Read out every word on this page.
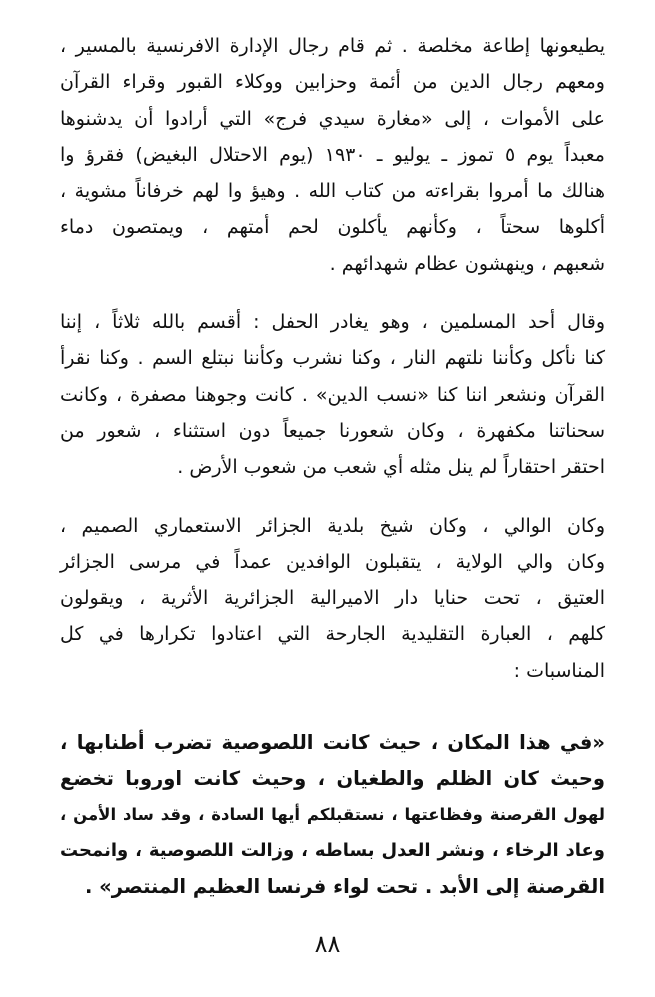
يطيعونها إطاعة مخلصة . ثم قام رجال الإدارة الافرنسية بالمسير ،
ومعهم رجال الدين من أئمة وحزابين ووكلاء القبور وقراء القرآن
على الأموات ، إلى «مغارة سيدي فرج» التي أرادوا أن يدشنوها
معبداً يوم ٥ تموز ـ يوليو ـ ١٩٣٠ (يوم الاحتلال البغيض) فقرؤ وا
هنالك ما أمروا بقراءته من كتاب الله . وهيؤ وا لهم خرفاناً مشوية ،
أكلوها سحتاً ، وكأنهم يأكلون لحم أمتهم ، ويمتصون دماء
شعبهم ، وينهشون عظام شهدائهم .

وقال أحد المسلمين ، وهو يغادر الحفل : أقسم بالله ثلاثاً ، إننا
كنا نأكل وكأننا نلتهم النار ، وكنا نشرب وكأننا نبتلع السم . وكنا نقرأ
القرآن ونشعر اننا كنا «نسب الدين» . كانت وجوهنا مصفرة ، وكانت
سحناتنا مكفهرة ، وكان شعورنا جميعاً دون استثناء ، شعور من
احتقر احتقاراً لم ينل مثله أي شعب من شعوب الأرض .

وكان الوالي ، وكان شيخ بلدية الجزائر الاستعماري الصميم ،
وكان والي الولاية ، يتقبلون الوافدين عمداً في مرسى الجزائر
العتيق ، تحت حنايا دار الاميرالية الجزائرية الأثرية ، ويقولون
كلهم ، العبارة التقليدية الجارحة التي اعتادوا تكرارها في كل
المناسبات :

«في هذا المكان ، حيث كانت اللصوصية تضرب أطنابها ،
وحيث كان الظلم والطغيان ، وحيث كانت اوروبا تخضع
لهول القرصنة وفظاعتها ، نستقبلكم أيها السادة ، وقد ساد الأمن ،
وعاد الرخاء ، ونشر العدل بساطه ، وزالت اللصوصية ، وانمحت
القرصنة إلى الأبد . تحت لواء فرنسا العظيم المنتصر» .

٨٨
